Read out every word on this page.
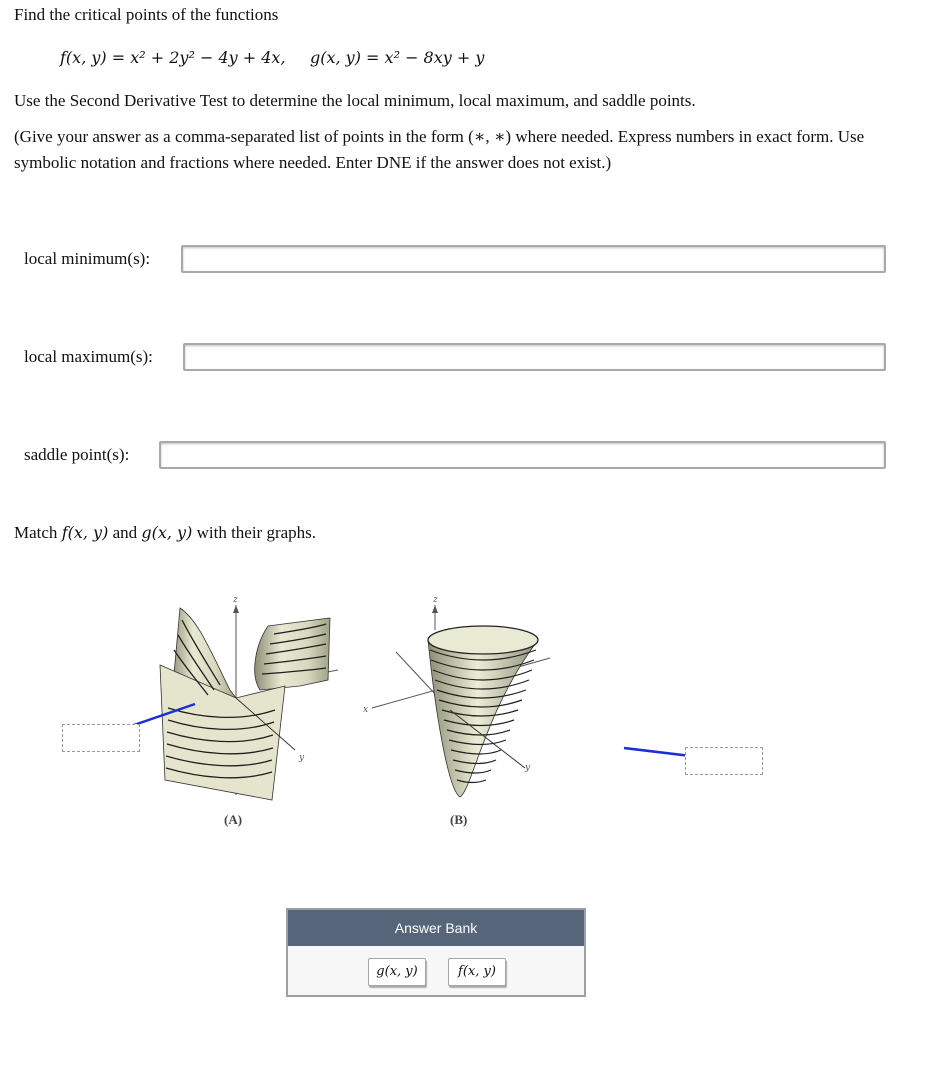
Find the critical points of the functions
f(x, y) = x² + 2y² − 4y + 4x, g(x, y) = x² − 8xy + y
Use the Second Derivative Test to determine the local minimum, local maximum, and saddle points.
(Give your answer as a comma-separated list of points in the form (∗, ∗) where needed. Express numbers in exact form. Use
symbolic notation and fractions where needed. Enter DNE if the answer does not exist.)
local minimum(s):
local maximum(s):
saddle point(s):
Match f(x, y) and g(x, y) with their graphs.
z
y
(A)
z
x
y
(B)
Answer Bank
g(x, y)	f(x, y)
